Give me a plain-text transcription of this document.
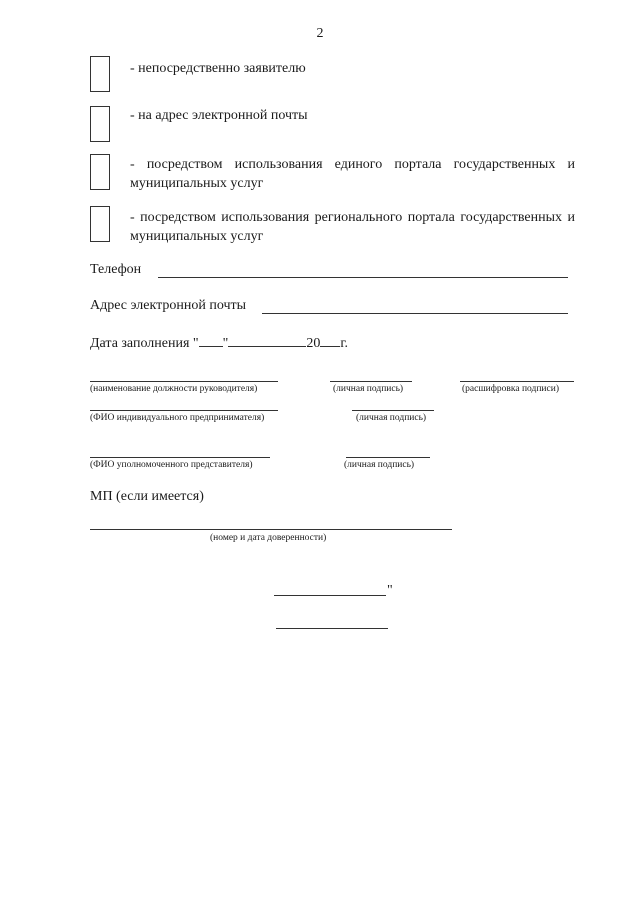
2
- непосредственно заявителю
- на адрес электронной почты
- посредством использования единого портала государственных и муниципальных услуг
- посредством использования регионального портала государственных и муниципальных услуг
Телефон
Адрес электронной почты
Дата заполнения " "	20 г.
(наименование должности руководителя)	(личная подпись)	(расшифровка подписи)
(ФИО индивидуального предпринимателя)	(личная подпись)
(ФИО уполномоченного представителя)	(личная подпись)
МП (если имеется)
(номер и дата доверенности)
"
